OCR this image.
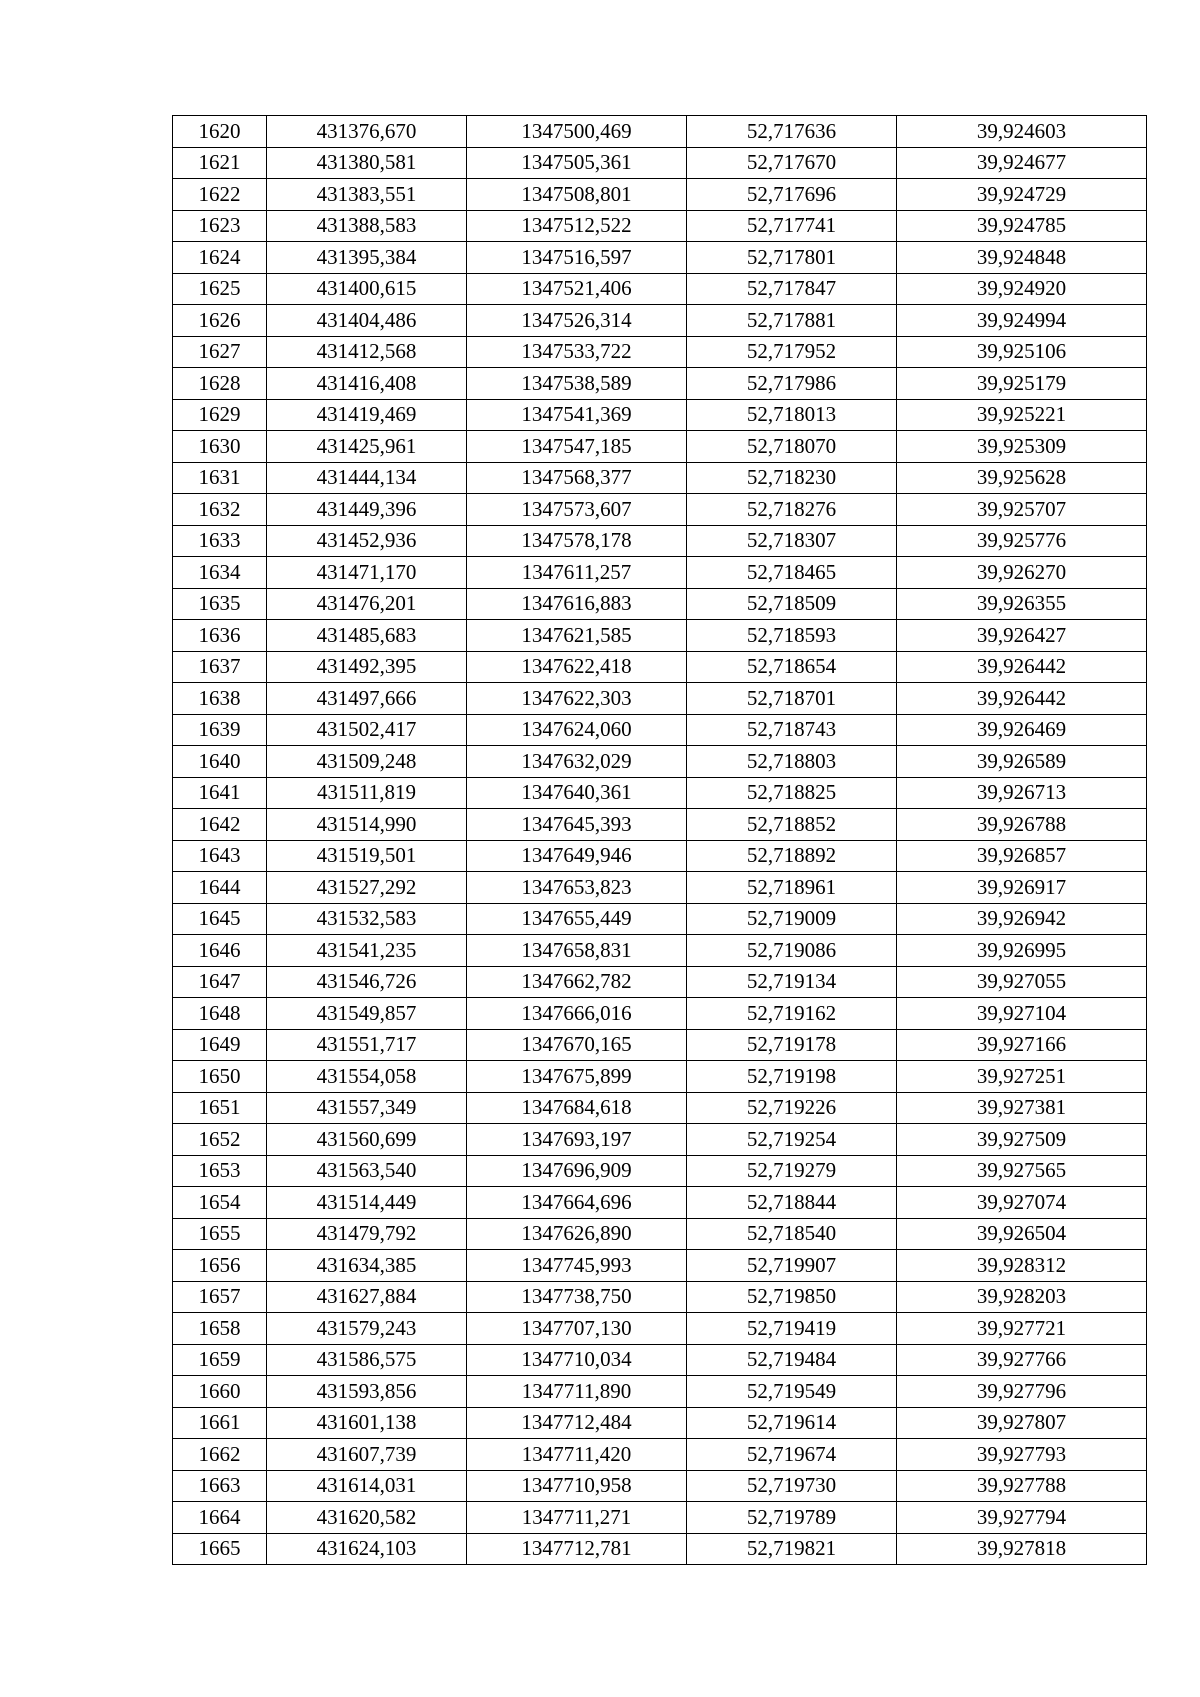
1620	431376,670	1347500,469	52,717636	39,924603
1621	431380,581	1347505,361	52,717670	39,924677
1622	431383,551	1347508,801	52,717696	39,924729
1623	431388,583	1347512,522	52,717741	39,924785
1624	431395,384	1347516,597	52,717801	39,924848
1625	431400,615	1347521,406	52,717847	39,924920
1626	431404,486	1347526,314	52,717881	39,924994
1627	431412,568	1347533,722	52,717952	39,925106
1628	431416,408	1347538,589	52,717986	39,925179
1629	431419,469	1347541,369	52,718013	39,925221
1630	431425,961	1347547,185	52,718070	39,925309
1631	431444,134	1347568,377	52,718230	39,925628
1632	431449,396	1347573,607	52,718276	39,925707
1633	431452,936	1347578,178	52,718307	39,925776
1634	431471,170	1347611,257	52,718465	39,926270
1635	431476,201	1347616,883	52,718509	39,926355
1636	431485,683	1347621,585	52,718593	39,926427
1637	431492,395	1347622,418	52,718654	39,926442
1638	431497,666	1347622,303	52,718701	39,926442
1639	431502,417	1347624,060	52,718743	39,926469
1640	431509,248	1347632,029	52,718803	39,926589
1641	431511,819	1347640,361	52,718825	39,926713
1642	431514,990	1347645,393	52,718852	39,926788
1643	431519,501	1347649,946	52,718892	39,926857
1644	431527,292	1347653,823	52,718961	39,926917
1645	431532,583	1347655,449	52,719009	39,926942
1646	431541,235	1347658,831	52,719086	39,926995
1647	431546,726	1347662,782	52,719134	39,927055
1648	431549,857	1347666,016	52,719162	39,927104
1649	431551,717	1347670,165	52,719178	39,927166
1650	431554,058	1347675,899	52,719198	39,927251
1651	431557,349	1347684,618	52,719226	39,927381
1652	431560,699	1347693,197	52,719254	39,927509
1653	431563,540	1347696,909	52,719279	39,927565
1654	431514,449	1347664,696	52,718844	39,927074
1655	431479,792	1347626,890	52,718540	39,926504
1656	431634,385	1347745,993	52,719907	39,928312
1657	431627,884	1347738,750	52,719850	39,928203
1658	431579,243	1347707,130	52,719419	39,927721
1659	431586,575	1347710,034	52,719484	39,927766
1660	431593,856	1347711,890	52,719549	39,927796
1661	431601,138	1347712,484	52,719614	39,927807
1662	431607,739	1347711,420	52,719674	39,927793
1663	431614,031	1347710,958	52,719730	39,927788
1664	431620,582	1347711,271	52,719789	39,927794
1665	431624,103	1347712,781	52,719821	39,927818
